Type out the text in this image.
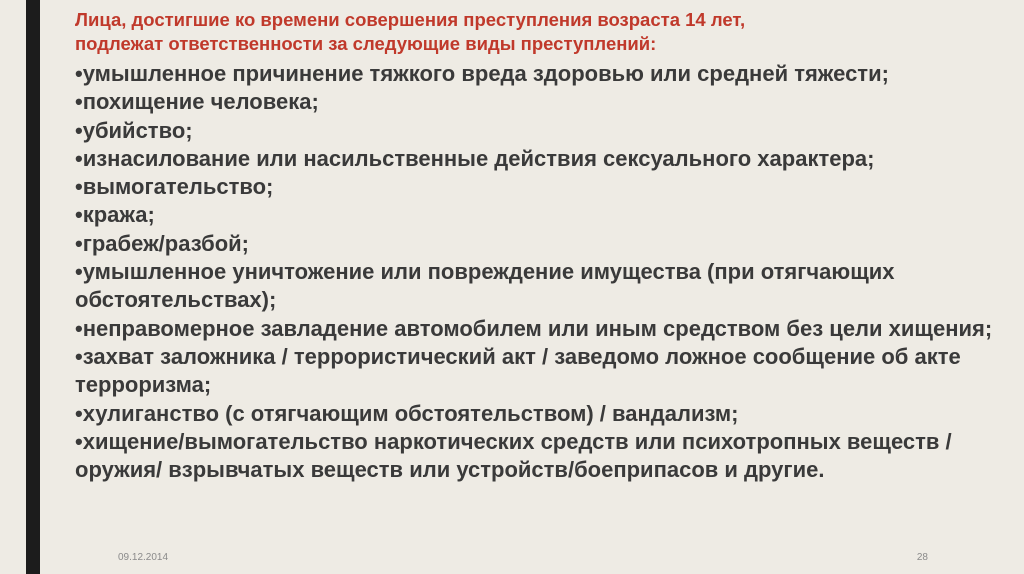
Лица, достигшие ко времени совершения преступления возраста 14 лет,
подлежат ответственности за следующие виды преступлений:

•умышленное причинение тяжкого вреда здоровью или средней тяжести;
•похищение человека;
•убийство;
•изнасилование или насильственные действия сексуального характера;
•вымогательство;
•кража;
•грабеж/разбой;
•умышленное уничтожение или повреждение имущества (при отягчающих обстоятельствах);
•неправомерное завладение автомобилем или иным средством без цели хищения;
•захват заложника / террористический акт / заведомо ложное сообщение об акте терроризма;
•хулиганство (с отягчающим обстоятельством) / вандализм;
•хищение/вымогательство наркотических средств или психотропных веществ / оружия/ взрывчатых веществ или устройств/боеприпасов и другие.
09.12.2014	28
